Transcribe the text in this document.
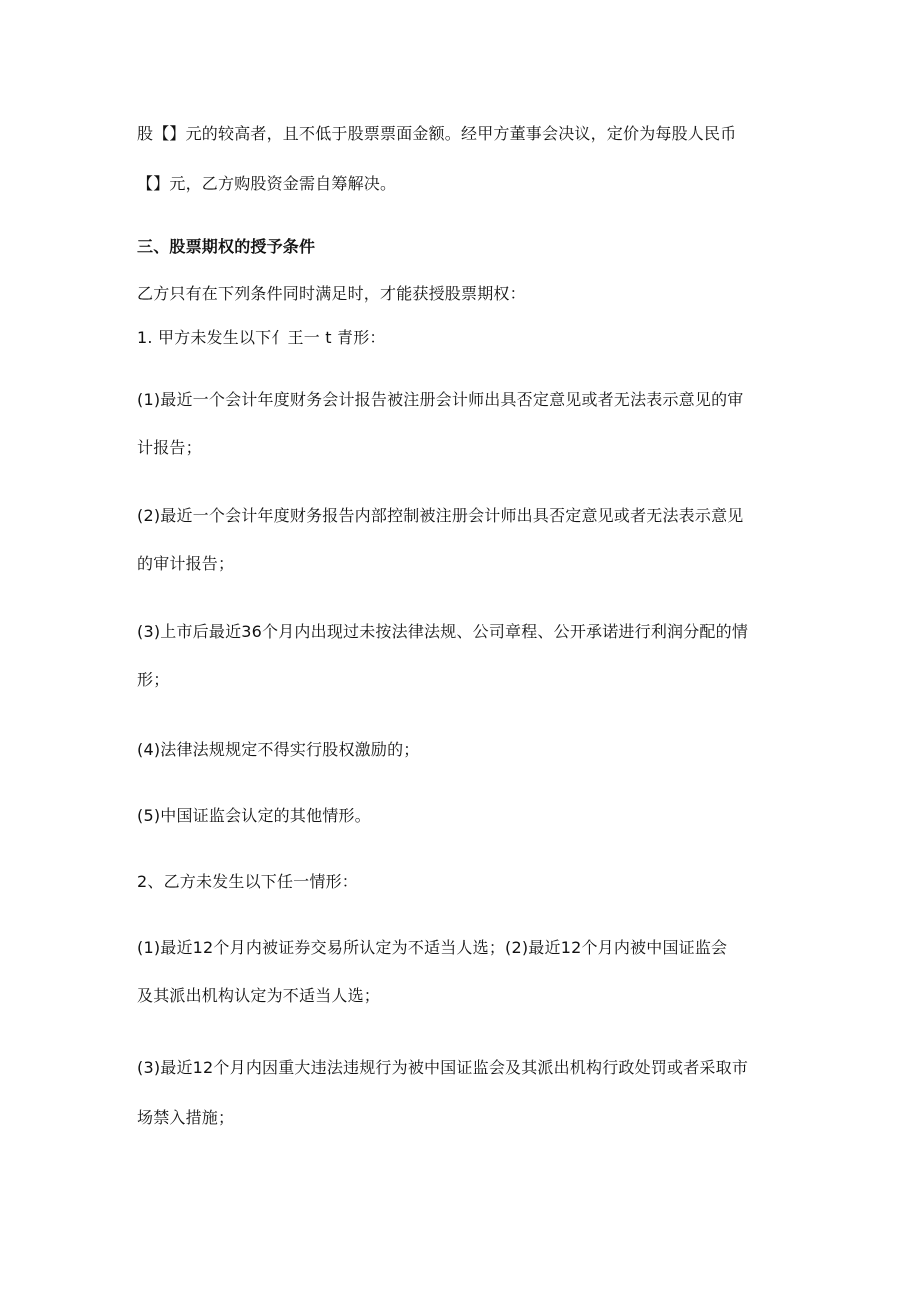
股【】元的较高者，且不低于股票票面金额。经甲方董事会决议，定价为每股人民币
【】元，乙方购股资金需自筹解决。
三、股票期权的授予条件
乙方只有在下列条件同时满足时，才能获授股票期权：
1. 甲方未发生以下亻王一 t 青形：
(1)最近一个会计年度财务会计报告被注册会计师出具否定意见或者无法表示意见的审
计报告；
(2)最近一个会计年度财务报告内部控制被注册会计师出具否定意见或者无法表示意见
的审计报告；
(3)上市后最近36个月内出现过未按法律法规、公司章程、公开承诺进行利润分配的情
形；
(4)法律法规规定不得实行股权激励的；
(5)中国证监会认定的其他情形。
2、乙方未发生以下任一情形：
(1)最近12个月内被证券交易所认定为不适当人选；(2)最近12个月内被中国证监会
及其派出机构认定为不适当人选；
(3)最近12个月内因重大违法违规行为被中国证监会及其派出机构行政处罚或者采取市
场禁入措施；
